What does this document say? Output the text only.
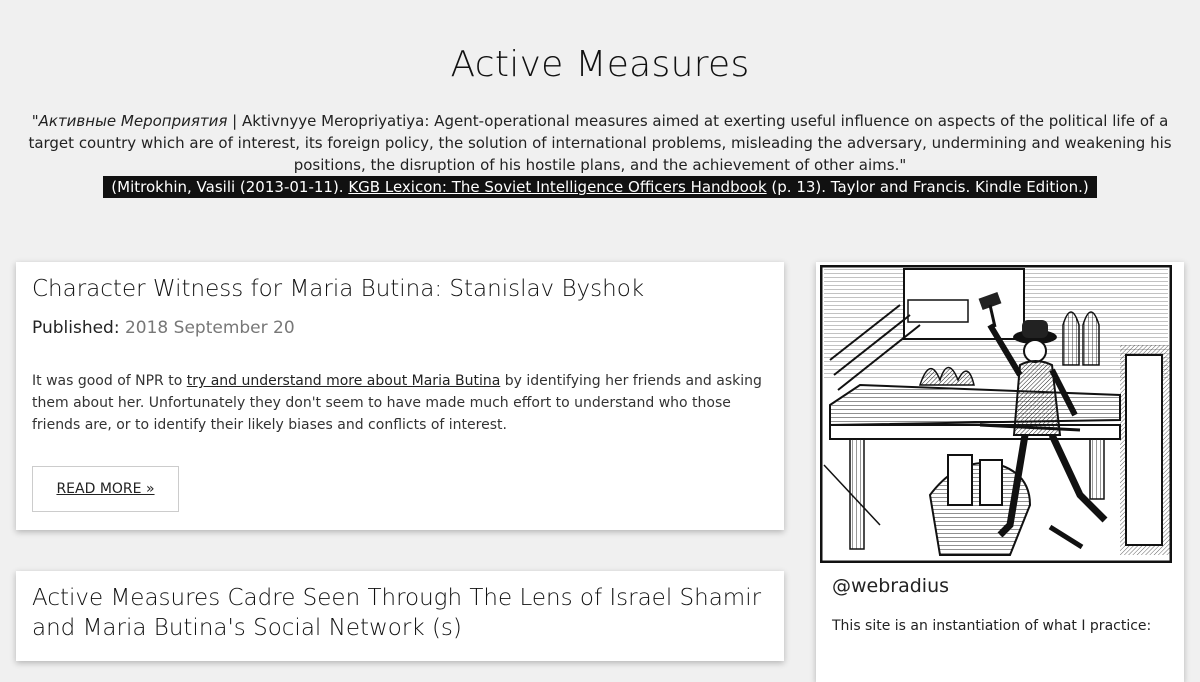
Active Measures
"Активные Мероприятия | Aktivnyye Meropriyatiya: Agent-operational measures aimed at exerting useful influence on aspects of the political life of a target country which are of interest, its foreign policy, the solution of international problems, misleading the adversary, undermining and weakening his positions, the disruption of his hostile plans, and the achievement of other aims."
(Mitrokhin, Vasili (2013-01-11). KGB Lexicon: The Soviet Intelligence Officers Handbook (p. 13). Taylor and Francis. Kindle Edition.)
Character Witness for Maria Butina: Stanislav Byshok
Published: 2018 September 20

It was good of NPR to try and understand more about Maria Butina by identifying her friends and asking them about her. Unfortunately they don't seem to have made much effort to understand who those friends are, or to identify their likely biases and conflicts of interest.

READ MORE »
Active Measures Cadre Seen Through The Lens of Israel Shamir and Maria Butina's Social Network (s)
@webradius
This site is an instantiation of what I practice:
